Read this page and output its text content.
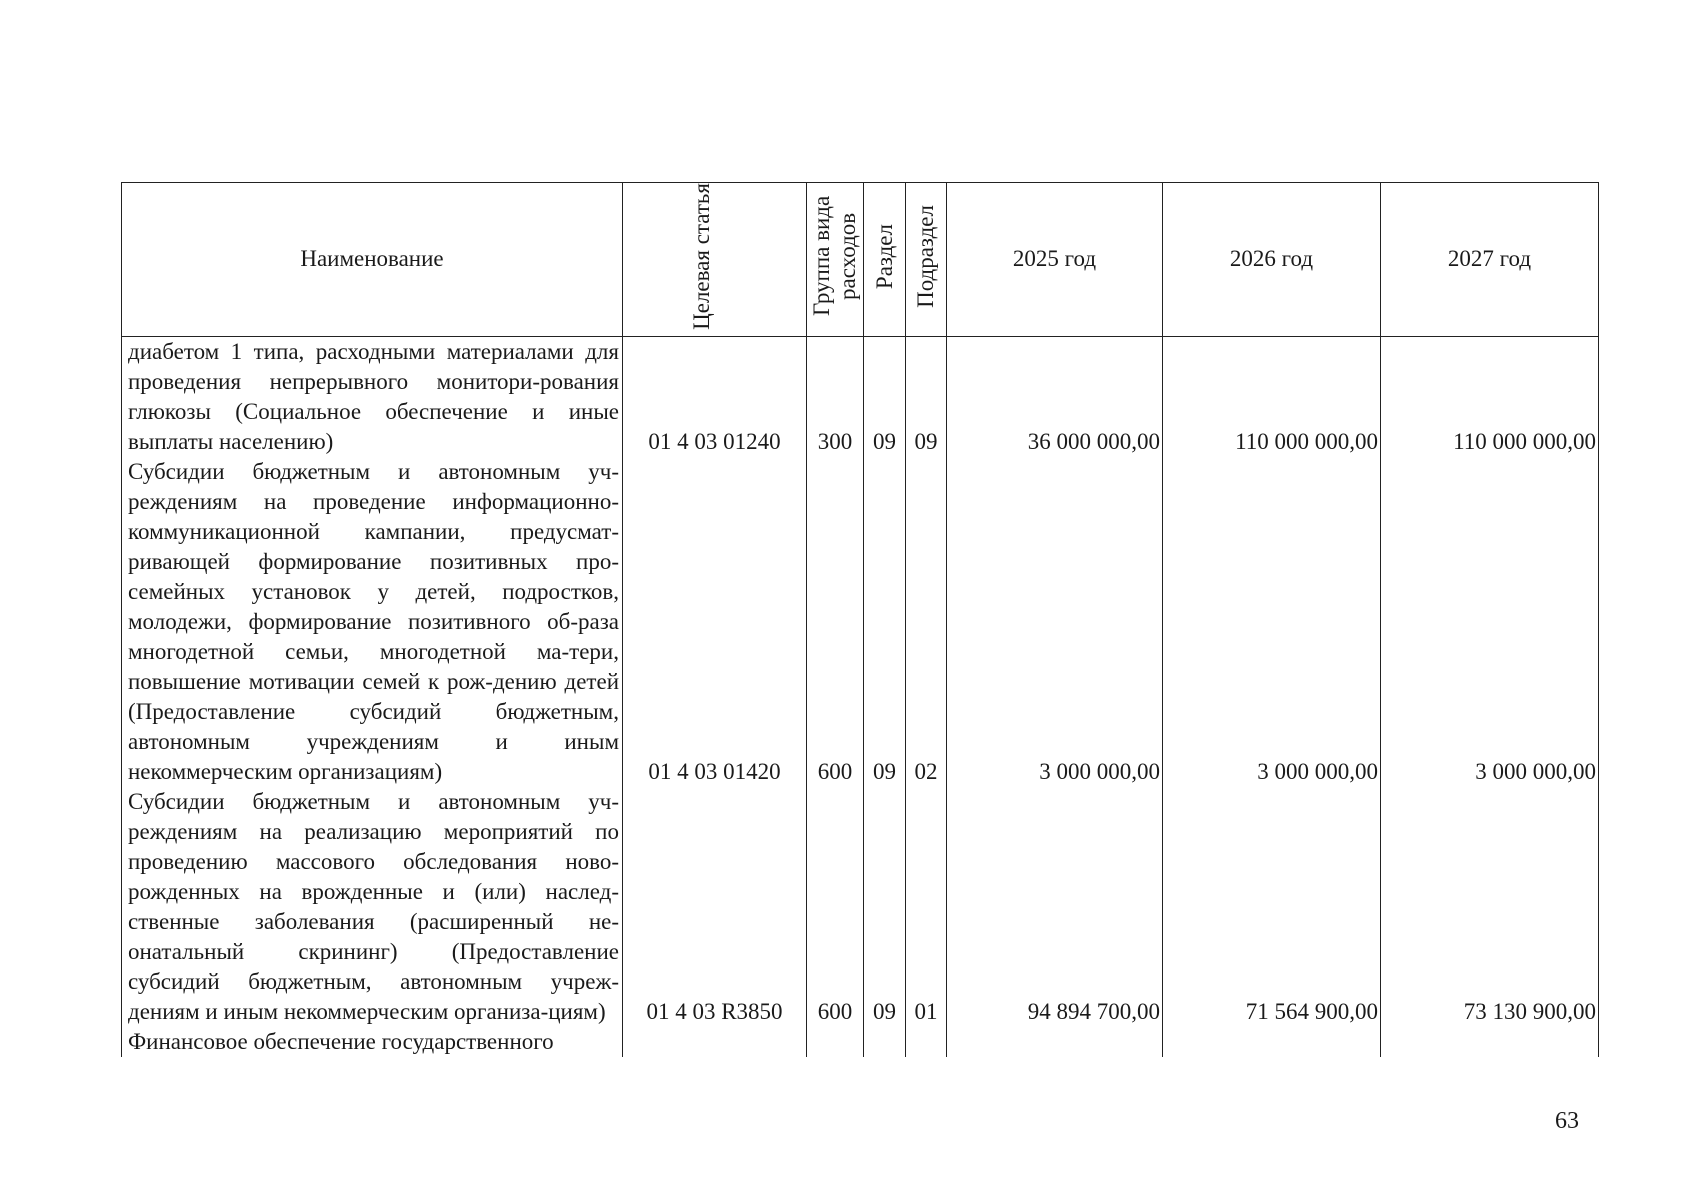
Наименование	Целевая статья	Группа вида расходов	Раздел	Подраздел	2025 год	2026 год	2027 год
диабетом 1 типа, расходными материалами для проведения непрерывного монитори-рования глюкозы (Социальное обеспечение и иные выплаты населению)	01 4 03 01240	300	09	09	36 000 000,00	110 000 000,00	110 000 000,00
Субсидии бюджетным и автономным уч-реждениям на проведение информационно-коммуникационной кампании, предусмат-ривающей формирование позитивных про-семейных установок у детей, подростков, молодежи, формирование позитивного об-раза многодетной семьи, многодетной ма-тери, повышение мотивации семей к рож-дению детей (Предоставление субсидий бюджетным, автономным учреждениям и иным некоммерческим организациям)	01 4 03 01420	600	09	02	3 000 000,00	3 000 000,00	3 000 000,00
Субсидии бюджетным и автономным уч-реждениям на реализацию мероприятий по проведению массового обследования ново-рожденных на врожденные и (или) наслед-ственные заболевания (расширенный не-онатальный скрининг) (Предоставление субсидий бюджетным, автономным учреж-дениям и иным некоммерческим организа-циям)	01 4 03 R3850	600	09	01	94 894 700,00	71 564 900,00	73 130 900,00
Финансовое обеспечение государственного							
63
